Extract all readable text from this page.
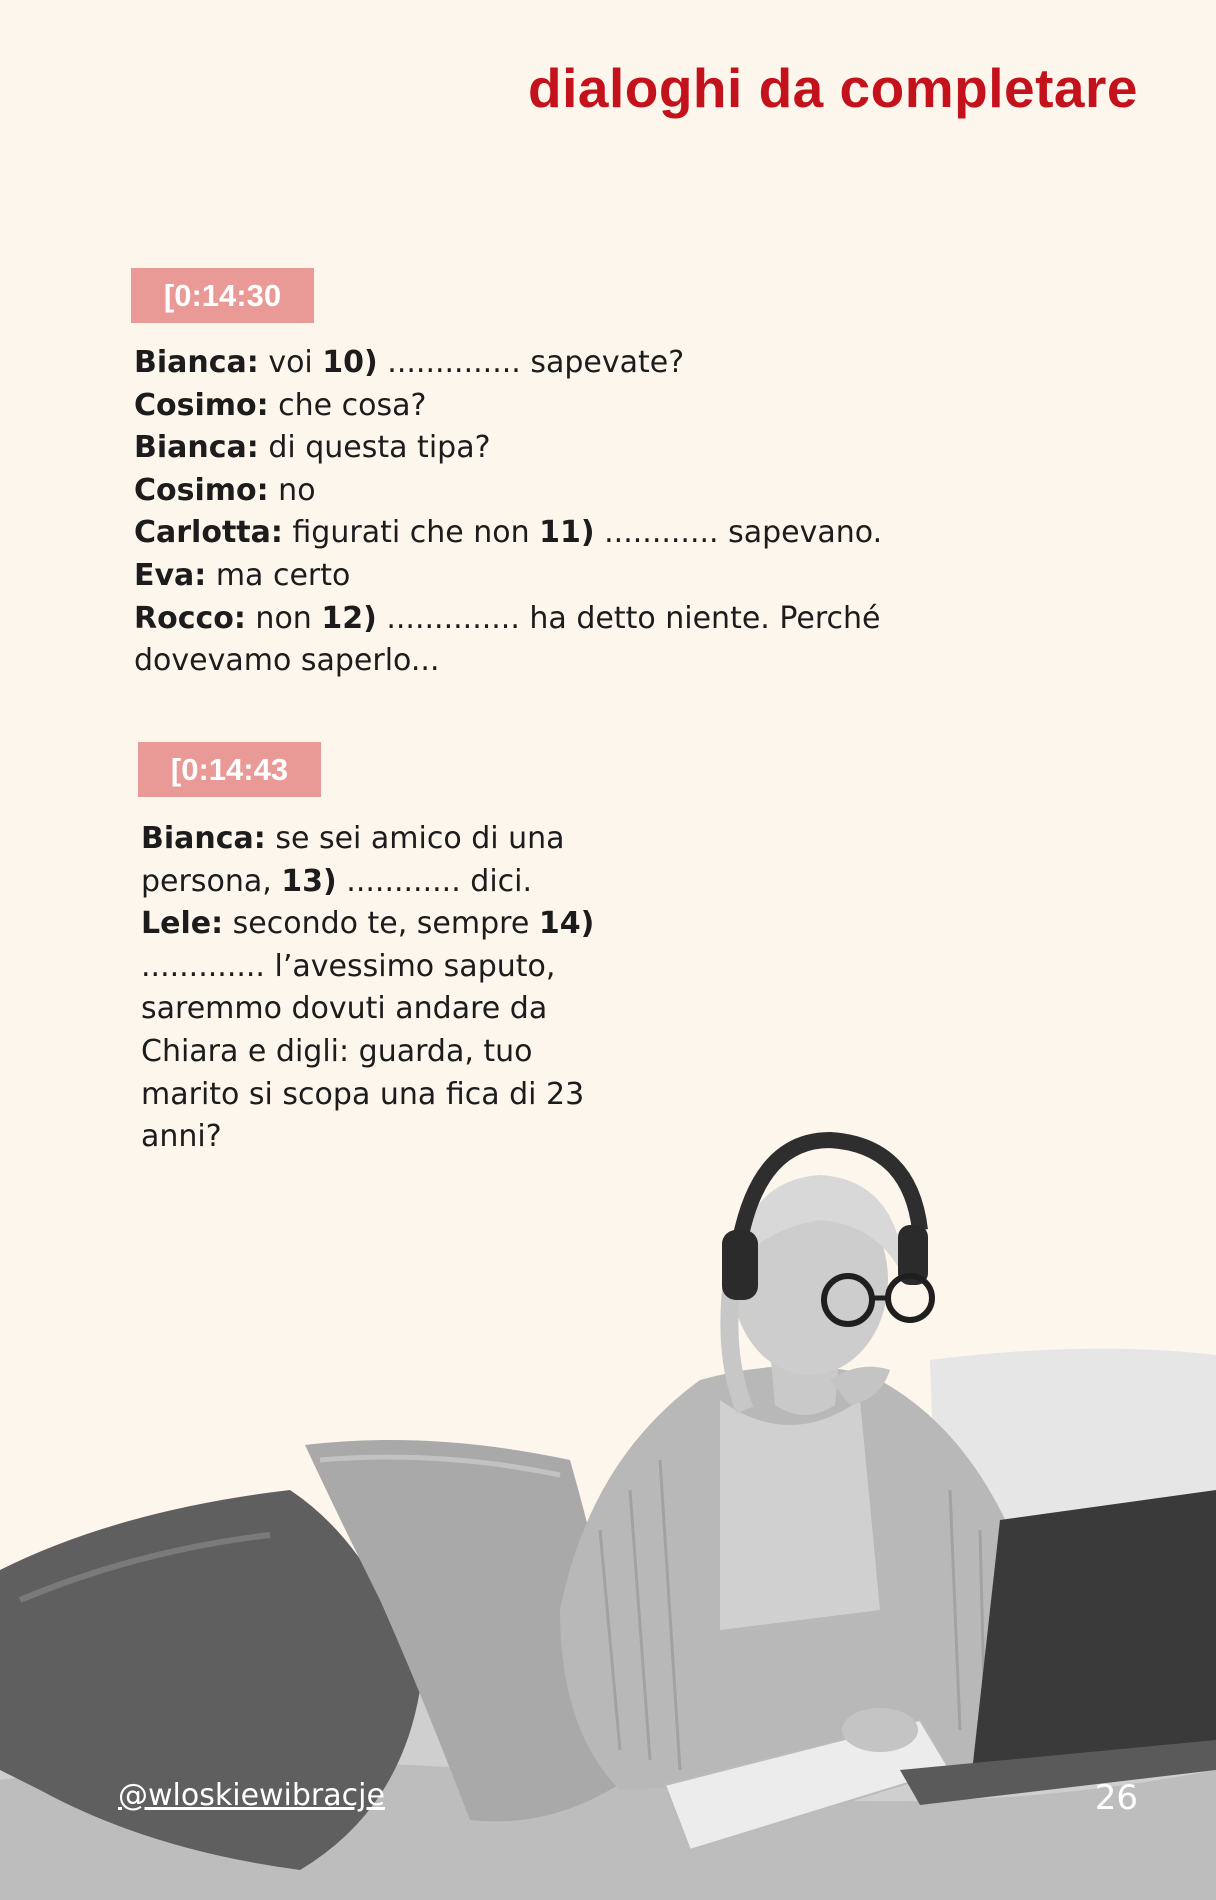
dialoghi da completare
[0:14:30
Bianca: voi 10) .............. sapevate?
Cosimo: che cosa?
Bianca: di questa tipa?
Cosimo: no
Carlotta: figurati che non 11) ............ sapevano.
Eva: ma certo
Rocco: non 12) .............. ha detto niente. Perché dovevamo saperlo...
[0:14:43
Bianca: se sei amico di una persona, 13) ............ dici.
Lele: secondo te, sempre 14) ............. l’avessimo saputo, saremmo dovuti andare da Chiara e digli: guarda, tuo marito si scopa una fica di 23 anni?
@wloskiewibracje	26
